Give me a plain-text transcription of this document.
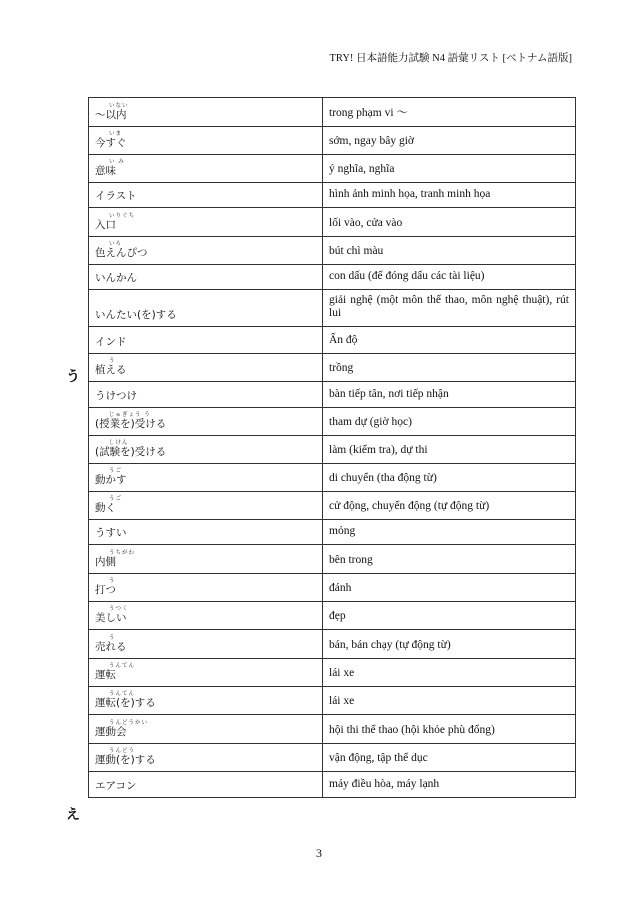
TRY! 日本語能力試験 N4 語彙リスト [ベトナム語版]
いない
～以内	trong phạm vi ～

いま
今すぐ	sớm, ngay bây giờ

い み
意味	ý nghĩa, nghĩa

イラスト	hình ảnh minh họa, tranh minh họa

いりぐち
入口	lối vào, cửa vào

いろ
色えんぴつ	bút chì màu

いんかん	con dấu (để đóng dấu các tài liệu)

いんたい(を)する	giải nghệ (một môn thể thao, môn nghệ thuật), rút lui

インド	Ấn độ

う
植える	trồng

うけつけ	bàn tiếp tân, nơi tiếp nhận

じゅぎょう う
(授業を)受ける	tham dự (giờ học)

しけん
(試験を)受ける	làm (kiểm tra), dự thi

うご
動かす	di chuyển (tha động từ)

うご
動く	cử động, chuyển động (tự động từ)

うすい	mỏng

うちがわ
内側	bên trong

う
打つ	đánh

うつく
美しい	đẹp

う
売れる	bán, bán chạy (tự động từ)

うんてん
運転	lái xe

うんてん
運転(を)する	lái xe

うんどうかい
運動会	hội thi thể thao (hội khỏe phù đổng)

うんどう
運動(を)する	vận động, tập thể dục

エアコン	máy điều hòa, máy lạnh
う
え
3
